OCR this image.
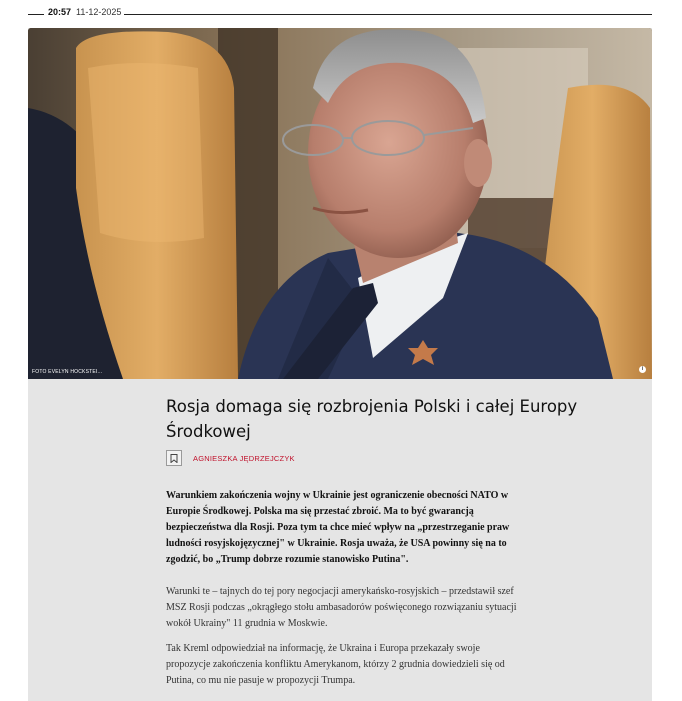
20:57 11-12-2025
FOTO EVELYN HOCKSTEI...	i
Rosja domaga się rozbrojenia Polski i całej Europy Środkowej
AGNIESZKA JĘDRZEJCZYK

Warunkiem zakończenia wojny w Ukrainie jest ograniczenie obecności NATO w Europie Środkowej. Polska ma się przestać zbroić. Ma to być gwarancją bezpieczeństwa dla Rosji. Poza tym ta chce mieć wpływ na „przestrzeganie praw ludności rosyjskojęzycznej" w Ukrainie. Rosja uważa, że USA powinny się na to zgodzić, bo „Trump dobrze rozumie stanowisko Putina".

Warunki te – tajnych do tej pory negocjacji amerykańsko-rosyjskich – przedstawił szef MSZ Rosji podczas „okrągłego stołu ambasadorów poświęconego rozwiązaniu sytuacji wokół Ukrainy" 11 grudnia w Moskwie.

Tak Kreml odpowiedział na informację, że Ukraina i Europa przekazały swoje propozycje zakończenia konfliktu Amerykanom, którzy 2 grudnia dowiedzieli się od Putina, co mu nie pasuje w propozycji Trumpa.
